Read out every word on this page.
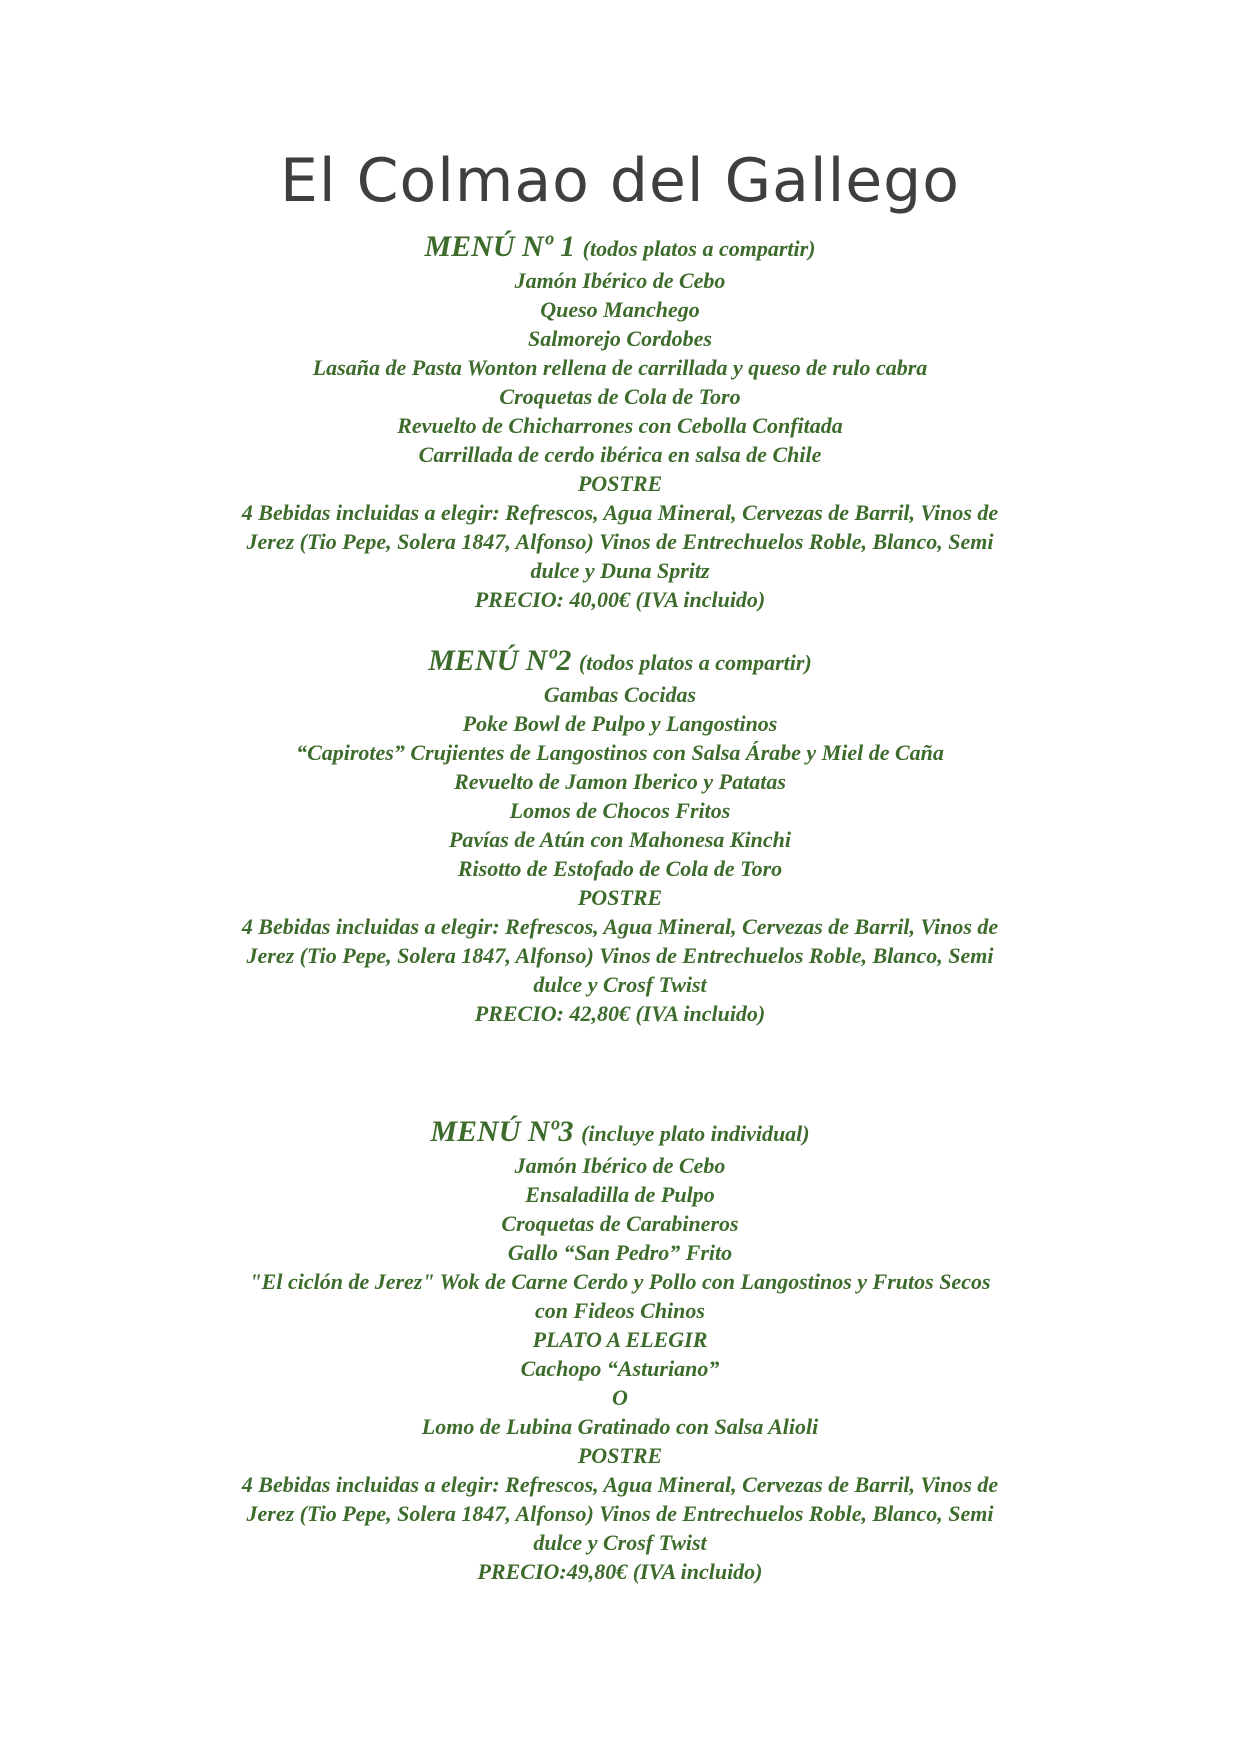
El Colmao del Gallego

MENÚ Nº 1 (todos platos a compartir)

Jamón Ibérico de Cebo
Queso Manchego
Salmorejo Cordobes
Lasaña de Pasta Wonton rellena de carrillada y queso de rulo cabra
Croquetas de Cola de Toro
Revuelto de Chicharrones con Cebolla Confitada
Carrillada de cerdo ibérica en salsa de Chile
POSTRE

4 Bebidas incluidas a elegir: Refrescos, Agua Mineral, Cervezas de Barril, Vinos de

Jerez (Tio Pepe, Solera 1847, Alfonso) Vinos de Entrechuelos Roble, Blanco, Semi

dulce y Duna Spritz

PRECIO: 40,00€ (IVA incluido)

MENÚ Nº2 (todos platos a compartir)

Gambas Cocidas
Poke Bowl de Pulpo y Langostinos
“Capirotes” Crujientes de Langostinos con Salsa Árabe y Miel de Caña
Revuelto de Jamon Iberico y Patatas
Lomos de Chocos Fritos
Pavías de Atún con Mahonesa Kinchi
Risotto de Estofado de Cola de Toro
POSTRE

4 Bebidas incluidas a elegir: Refrescos, Agua Mineral, Cervezas de Barril, Vinos de

Jerez (Tio Pepe, Solera 1847, Alfonso) Vinos de Entrechuelos Roble, Blanco, Semi

dulce y Crosf Twist

PRECIO: 42,80€ (IVA incluido)

MENÚ Nº3 (incluye plato individual)

Jamón Ibérico de Cebo
Ensaladilla de Pulpo
Croquetas de Carabineros
Gallo “San Pedro” Frito
"El ciclón de Jerez" Wok de Carne Cerdo y Pollo con Langostinos y Frutos Secos
con Fideos Chinos
PLATO A ELEGIR
Cachopo “Asturiano”
O
Lomo de Lubina Gratinado con Salsa Alioli
POSTRE

4 Bebidas incluidas a elegir: Refrescos, Agua Mineral, Cervezas de Barril, Vinos de

Jerez (Tio Pepe, Solera 1847, Alfonso) Vinos de Entrechuelos Roble, Blanco, Semi

dulce y Crosf Twist

PRECIO:49,80€ (IVA incluido)
